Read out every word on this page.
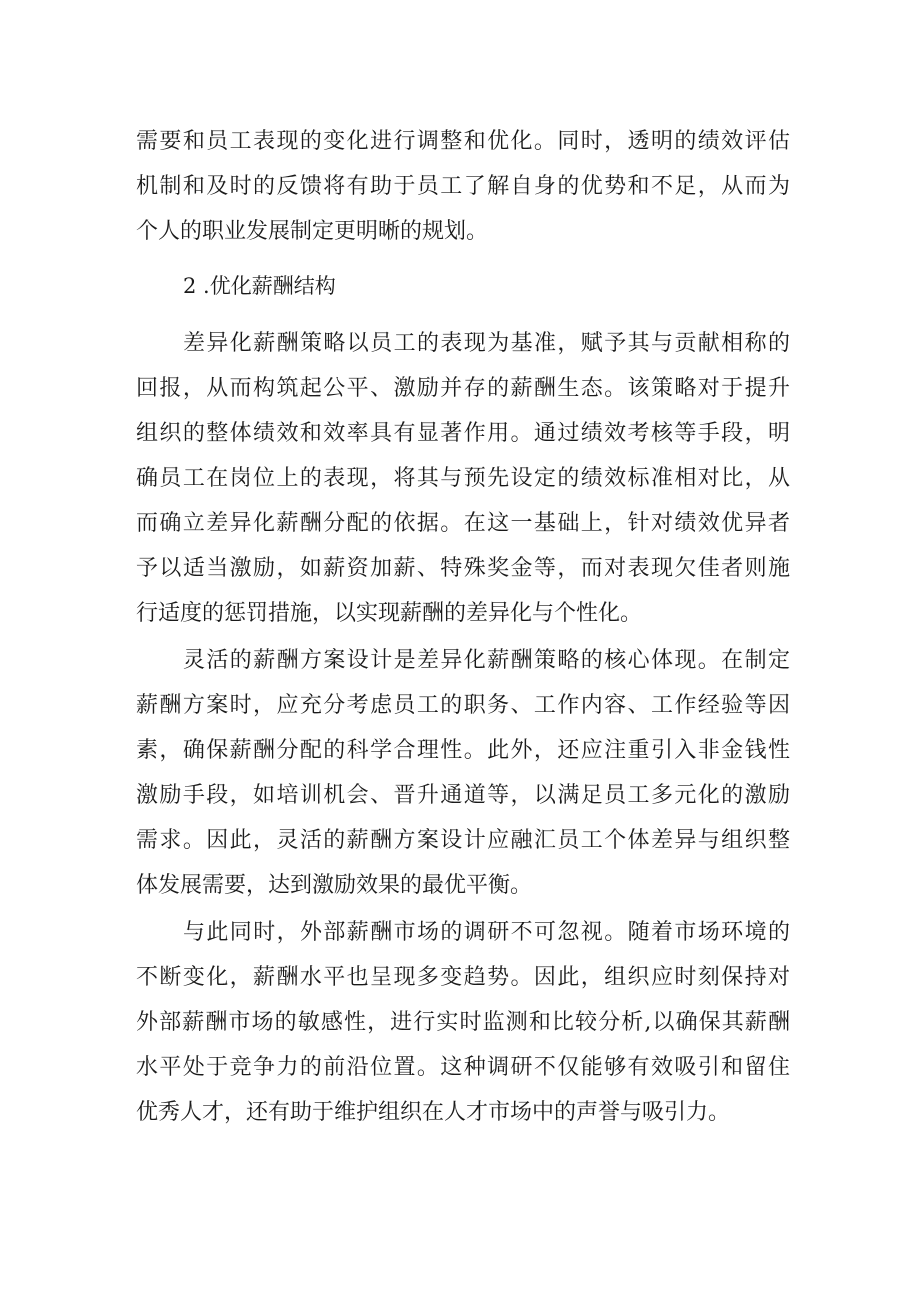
需要和员工表现的变化进行调整和优化。同时，透明的绩效评估
机制和及时的反馈将有助于员工了解自身的优势和不足，从而为
个人的职业发展制定更明晰的规划。
2 .优化薪酬结构
差异化薪酬策略以员工的表现为基准，赋予其与贡献相称的
回报，从而构筑起公平、激励并存的薪酬生态。该策略对于提升
组织的整体绩效和效率具有显著作用。通过绩效考核等手段，明
确员工在岗位上的表现，将其与预先设定的绩效标准相对比，从
而确立差异化薪酬分配的依据。在这一基础上，针对绩效优异者
予以适当激励，如薪资加薪、特殊奖金等，而对表现欠佳者则施
行适度的惩罚措施，以实现薪酬的差异化与个性化。
灵活的薪酬方案设计是差异化薪酬策略的核心体现。在制定
薪酬方案时，应充分考虑员工的职务、工作内容、工作经验等因
素，确保薪酬分配的科学合理性。此外，还应注重引入非金钱性
激励手段，如培训机会、晋升通道等，以满足员工多元化的激励
需求。因此，灵活的薪酬方案设计应融汇员工个体差异与组织整
体发展需要，达到激励效果的最优平衡。
与此同时，外部薪酬市场的调研不可忽视。随着市场环境的
不断变化，薪酬水平也呈现多变趋势。因此，组织应时刻保持对
外部薪酬市场的敏感性，进行实时监测和比较分析,以确保其薪酬
水平处于竞争力的前沿位置。这种调研不仅能够有效吸引和留住
优秀人才，还有助于维护组织在人才市场中的声誉与吸引力。
